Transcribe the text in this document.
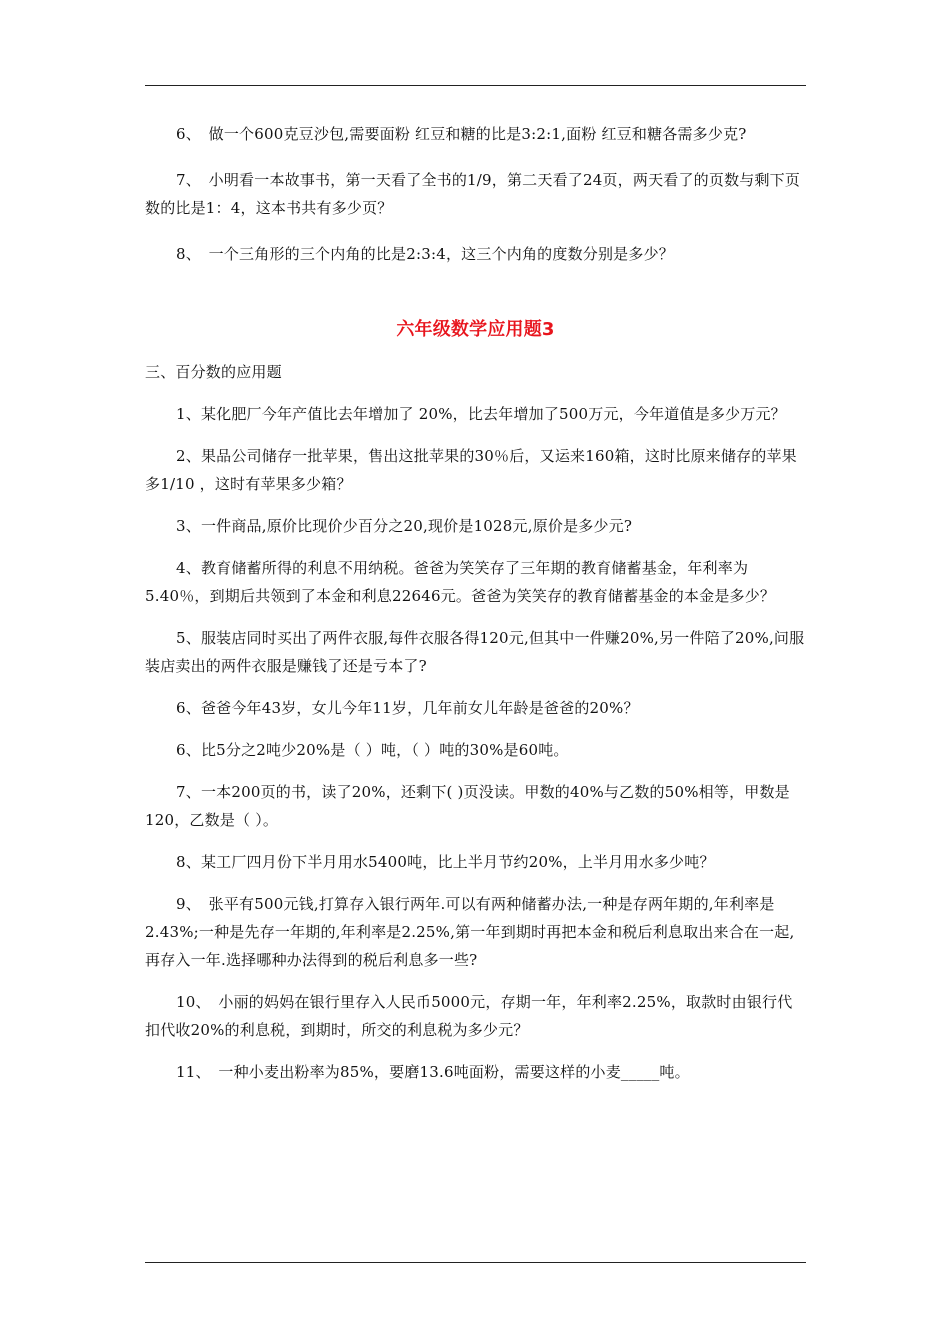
6、　做一个600克豆沙包,需要面粉 红豆和糖的比是3:2:1,面粉 红豆和糖各需多少克?

7、　小明看一本故事书，第一天看了全书的1/9，第二天看了24页，两天看了的页数与剩下页数的比是1：4，这本书共有多少页？

8、　一个三角形的三个内角的比是2:3:4，这三个内角的度数分别是多少？

六年级数学应用题3

三、百分数的应用题

1、某化肥厂今年产值比去年增加了 20%，比去年增加了500万元，今年道值是多少万元？

2、果品公司储存一批苹果，售出这批苹果的30％后，又运来160箱，这时比原来储存的苹果多1/10 ，这时有苹果多少箱？

3、一件商品,原价比现价少百分之20,现价是1028元,原价是多少元?

4、教育储蓄所得的利息不用纳税。爸爸为笑笑存了三年期的教育储蓄基金，年利率为5.40％，到期后共领到了本金和利息22646元。爸爸为笑笑存的教育储蓄基金的本金是多少？

5、服装店同时买出了两件衣服,每件衣服各得120元,但其中一件赚20%,另一件陪了20%,问服装店卖出的两件衣服是赚钱了还是亏本了?

6、爸爸今年43岁，女儿今年11岁，几年前女儿年龄是爸爸的20%？

6、比5分之2吨少20%是（ ）吨，（ ）吨的30%是60吨。

7、一本200页的书，读了20%，还剩下( )页没读。甲数的40%与乙数的50%相等，甲数是120，乙数是（ ）。

8、某工厂四月份下半月用水5400吨，比上半月节约20%，上半月用水多少吨？

9、　张平有500元钱,打算存入银行两年.可以有两种储蓄办法,一种是存两年期的,年利率是2.43%;一种是先存一年期的,年利率是2.25%,第一年到期时再把本金和税后利息取出来合在一起,再存入一年.选择哪种办法得到的税后利息多一些?

10、　小丽的妈妈在银行里存入人民币5000元，存期一年，年利率2.25%，取款时由银行代扣代收20%的利息税，到期时，所交的利息税为多少元？

11、　一种小麦出粉率为85%，要磨13.6吨面粉，需要这样的小麦_____吨。
